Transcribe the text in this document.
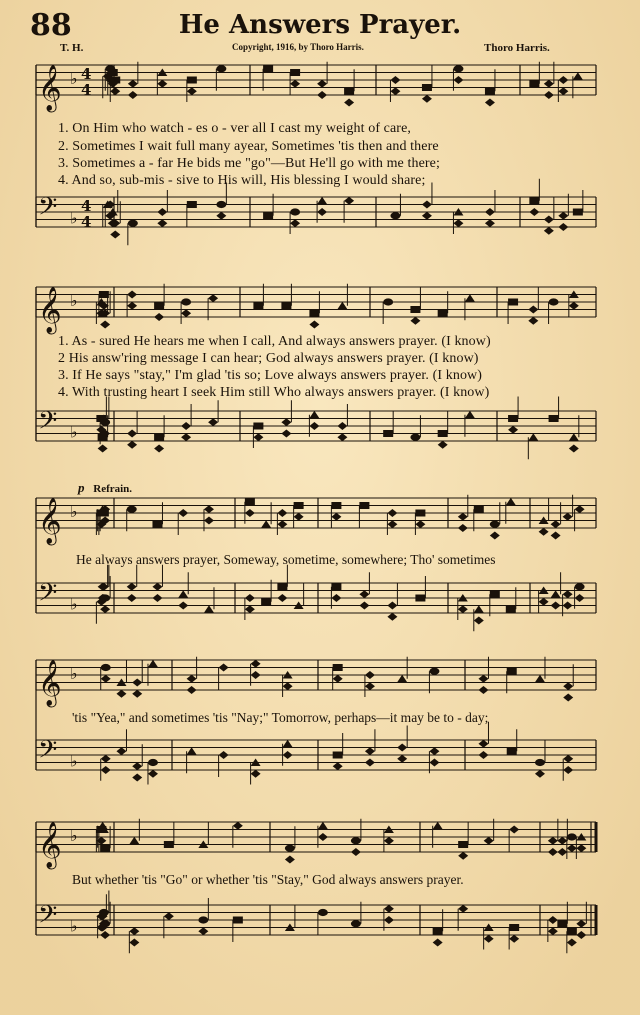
88	He Answers Prayer.
T. H.	Copyright, 1916, by Thoro Harris.	Thoro Harris.
𝄞 ♭ 4
4
𝄢 ♭
4
4
𝄞 ♭
𝄢 ♭
𝄞 ♭
𝄢 ♭
𝄞 ♭
𝄢 ♭
𝄞 ♭
𝄢 ♭
1. On Him who watch - es o - ver all I cast my weight of care,
2. Sometimes I wait full many ayear, Sometimes 'tis then and there
3. Sometimes a - far He bids me "go"—But He'll go with me there;
4. And so, sub-mis - sive to His will, His blessing I would share;
1. As - sured He hears me when I call, And always answers prayer. (I know)
2 His answ'ring message I can hear; God always answers prayer. (I know)
3. If He says "stay," I'm glad 'tis so; Love always answers prayer. (I know)
4. With trusting heart I seek Him still Who always answers prayer. (I know)
p Refrain.
He always answers prayer, Someway, sometime, somewhere; Tho' sometimes
'tis "Yea," and sometimes 'tis "Nay;" Tomorrow, perhaps—it may be to - day;
But whether 'tis "Go" or whether 'tis "Stay," God always answers prayer.
